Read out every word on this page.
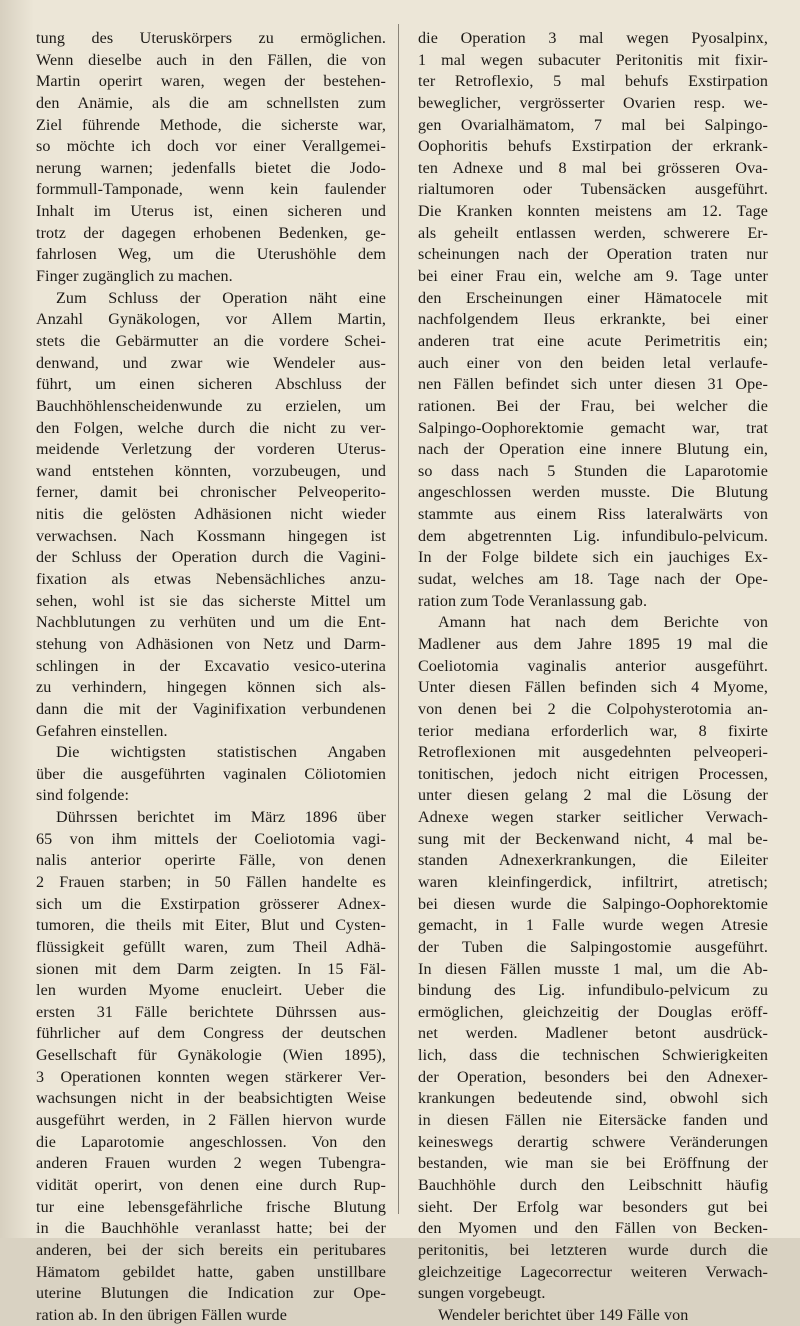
tung des Uteruskörpers zu ermöglichen.
Wenn dieselbe auch in den Fällen, die von
Martin operirt waren, wegen der bestehen-
den Anämie, als die am schnellsten zum
Ziel führende Methode, die sicherste war,
so möchte ich doch vor einer Verallgemei-
nerung warnen; jedenfalls bietet die Jodo-
formmull-Tamponade, wenn kein faulender
Inhalt im Uterus ist, einen sicheren und
trotz der dagegen erhobenen Bedenken, ge-
fahrlosen Weg, um die Uterushöhle dem
Finger zugänglich zu machen.
Zum Schluss der Operation näht eine
Anzahl Gynäkologen, vor Allem Martin,
stets die Gebärmutter an die vordere Schei-
denwand, und zwar wie Wendeler aus-
führt, um einen sicheren Abschluss der
Bauchhöhlenscheidenwunde zu erzielen, um
den Folgen, welche durch die nicht zu ver-
meidende Verletzung der vorderen Uterus-
wand entstehen könnten, vorzubeugen, und
ferner, damit bei chronischer Pelveoperito-
nitis die gelösten Adhäsionen nicht wieder
verwachsen. Nach Kossmann hingegen ist
der Schluss der Operation durch die Vagini-
fixation als etwas Nebensächliches anzu-
sehen, wohl ist sie das sicherste Mittel um
Nachblutungen zu verhüten und um die Ent-
stehung von Adhäsionen von Netz und Darm-
schlingen in der Excavatio vesico-uterina
zu verhindern, hingegen können sich als-
dann die mit der Vaginifixation verbundenen
Gefahren einstellen.
Die wichtigsten statistischen Angaben
über die ausgeführten vaginalen Cöliotomien
sind folgende:
Dührssen berichtet im März 1896 über
65 von ihm mittels der Coeliotomia vagi-
nalis anterior operirte Fälle, von denen
2 Frauen starben; in 50 Fällen handelte es
sich um die Exstirpation grösserer Adnex-
tumoren, die theils mit Eiter, Blut und Cysten-
flüssigkeit gefüllt waren, zum Theil Adhä-
sionen mit dem Darm zeigten. In 15 Fäl-
len wurden Myome enucleirt. Ueber die
ersten 31 Fälle berichtete Dührssen aus-
führlicher auf dem Congress der deutschen
Gesellschaft für Gynäkologie (Wien 1895),
3 Operationen konnten wegen stärkerer Ver-
wachsungen nicht in der beabsichtigten Weise
ausgeführt werden, in 2 Fällen hiervon wurde
die Laparotomie angeschlossen. Von den
anderen Frauen wurden 2 wegen Tubengra-
vidität operirt, von denen eine durch Rup-
tur eine lebensgefährliche frische Blutung
in die Bauchhöhle veranlasst hatte; bei der
anderen, bei der sich bereits ein peritubares
Hämatom gebildet hatte, gaben unstillbare
uterine Blutungen die Indication zur Ope-
ration ab. In den übrigen Fällen wurde
die Operation 3 mal wegen Pyosalpinx,
1 mal wegen subacuter Peritonitis mit fixir-
ter Retroflexio, 5 mal behufs Exstirpation
beweglicher, vergrösserter Ovarien resp. we-
gen Ovarialhämatom, 7 mal bei Salpingo-
Oophoritis behufs Exstirpation der erkrank-
ten Adnexe und 8 mal bei grösseren Ova-
rialtumoren oder Tubensäcken ausgeführt.
Die Kranken konnten meistens am 12. Tage
als geheilt entlassen werden, schwerere Er-
scheinungen nach der Operation traten nur
bei einer Frau ein, welche am 9. Tage unter
den Erscheinungen einer Hämatocele mit
nachfolgendem Ileus erkrankte, bei einer
anderen trat eine acute Perimetritis ein;
auch einer von den beiden letal verlaufe-
nen Fällen befindet sich unter diesen 31 Ope-
rationen. Bei der Frau, bei welcher die
Salpingo-Oophorektomie gemacht war, trat
nach der Operation eine innere Blutung ein,
so dass nach 5 Stunden die Laparotomie
angeschlossen werden musste. Die Blutung
stammte aus einem Riss lateralwärts von
dem abgetrennten Lig. infundibulo-pelvicum.
In der Folge bildete sich ein jauchiges Ex-
sudat, welches am 18. Tage nach der Ope-
ration zum Tode Veranlassung gab.
Amann hat nach dem Berichte von
Madlener aus dem Jahre 1895 19 mal die
Coeliotomia vaginalis anterior ausgeführt.
Unter diesen Fällen befinden sich 4 Myome,
von denen bei 2 die Colpohysterotomia an-
terior mediana erforderlich war, 8 fixirte
Retroflexionen mit ausgedehnten pelveoperi-
tonitischen, jedoch nicht eitrigen Processen,
unter diesen gelang 2 mal die Lösung der
Adnexe wegen starker seitlicher Verwach-
sung mit der Beckenwand nicht, 4 mal be-
standen Adnexerkrankungen, die Eileiter
waren kleinfingerdick, infiltrirt, atretisch;
bei diesen wurde die Salpingo-Oophorektomie
gemacht, in 1 Falle wurde wegen Atresie
der Tuben die Salpingostomie ausgeführt.
In diesen Fällen musste 1 mal, um die Ab-
bindung des Lig. infundibulo-pelvicum zu
ermöglichen, gleichzeitig der Douglas eröff-
net werden. Madlener betont ausdrück-
lich, dass die technischen Schwierigkeiten
der Operation, besonders bei den Adnexer-
krankungen bedeutende sind, obwohl sich
in diesen Fällen nie Eitersäcke fanden und
keineswegs derartig schwere Veränderungen
bestanden, wie man sie bei Eröffnung der
Bauchhöhle durch den Leibschnitt häufig
sieht. Der Erfolg war besonders gut bei
den Myomen und den Fällen von Becken-
peritonitis, bei letzteren wurde durch die
gleichzeitige Lagecorrectur weiteren Verwach-
sungen vorgebeugt.
Wendeler berichtet über 149 Fälle von
